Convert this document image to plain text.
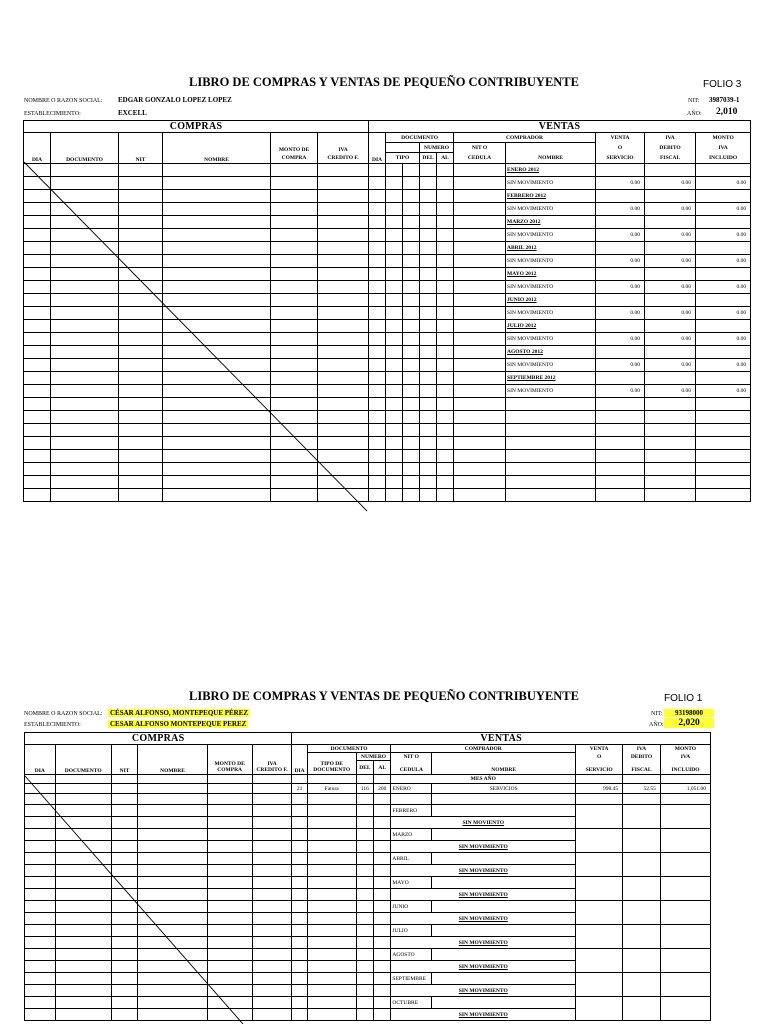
LIBRO DE COMPRAS Y VENTAS DE PEQUEÑO CONTRIBUYENTE	FOLIO 3
NOMBRE O RAZON SOCIAL: EDGAR GONZALO LOPEZ LOPEZ
ESTABLECIMIENTO:	EXCELL
NIT: 3987039-1
AÑO: 2,010
COMPRAS						VENTAS									
DIA	DOCUMENTO	NIT	NOMBRE	MONTO DE	IVA	DIA	DOCUMENTO				COMPRADOR		VENTA	IVA	MONTO
									NUMERO		NIT O		O	DEBITO	IVA
				COMPRA	CREDITO F.		TIPO		DEL	AL	CEDULA	NOMBRE	SERVICIO	FISCAL	INCLUIDO
												ENERO 2012			
												SIN MOVIMIENTO	0.00	0.00	0.00
												FEBRERO 2012			
												SIN MOVIMIENTO	0.00	0.00	0.00
												MARZO 2012			
												SIN MOVIMIENTO	0.00	0.00	0.00
												ABRIL 2012			
												SIN MOVIMIENTO	0.00	0.00	0.00
												MAYO 2012			
												SIN MOVIMIENTO	0.00	0.00	0.00
												JUNIO 2012			
												SIN MOVIMIENTO	0.00	0.00	0.00
												JULIO 2012			
												SIN MOVIMIENTO	0.00	0.00	0.00
												AGOSTO 2012			
												SIN MOVIMIENTO	0.00	0.00	0.00
												SEPTIEMBRE 2012			
												SIN MOVIMIENTO	0.00	0.00	0.00

LIBRO DE COMPRAS Y VENTAS DE PEQUEÑO CONTRIBUYENTE	FOLIO 1
NOMBRE O RAZON SOCIAL: CÉSAR ALFONSO, MONTEPEQUE PÉREZ
ESTABLECIMIENTO:	CESAR ALFONSO MONTEPEQUE PEREZ
NIT:	93198000
AÑO:	2,020
COMPRAS						VENTAS								
DIA	DOCUMENTO	NIT	NOMBRE	MONTO DE	IVA	DIA	DOCUMENTO			COMPRADOR		VENTA	IVA	MONTO
								NUMERO		NIT O		O	DEBITO	IVA
							TIPO DE	DEL	AL					
				COMPRA	CREDITO F.		DOCUMENTO			CEDULA	NOMBRE	SERVICIO	FISCAL	INCLUIDO
										MES AÑO				
						21	Fatura	116	200	ENERO	SERVICIOS	998.45	52.55	1,051.00

										FEBRERO				
										SIN MOVIENTO				
										MARZO				
										SIN MOVIMIENTO				
										ABRIL				
										SIN MOVIMIENTO				
										MAYO				
										SIN MOVIMIENTO				
										JUNIO				
										SIN MOVIMIENTO				
										JULIO				
										SIN MOVIMIENTO				
										AGOSTO				
										SIN MOVIMIENTO				
										SEPTIEMBRE				
										SIN MOVIMIENTO				
										OCTUBRE				
										SIN MOVIMIENTO				
